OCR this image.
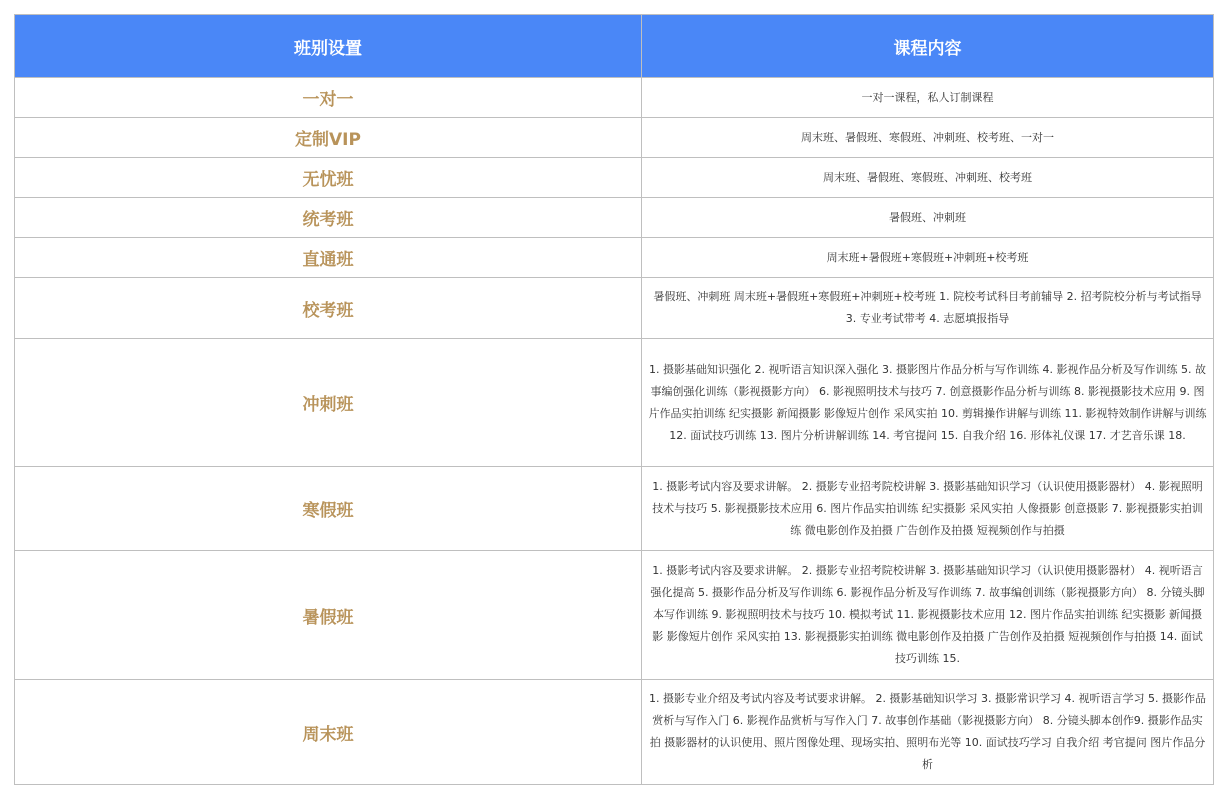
班别设置	课程内容
一对一	一对一课程，私人订制课程
定制VIP	周末班、暑假班、寒假班、冲刺班、校考班、一对一
无忧班	周末班、暑假班、寒假班、冲刺班、校考班
统考班	暑假班、冲刺班
直通班	周末班+暑假班+寒假班+冲刺班+校考班
校考班	暑假班、冲刺班 周末班+暑假班+寒假班+冲刺班+校考班 1. 院校考试科目考前辅导 2. 招考院校分析与考试指导 3. 专业考试带考 4. 志愿填报指导
冲刺班	1. 摄影基础知识强化 2. 视听语言知识深入强化 3. 摄影图片作品分析与写作训练 4. 影视作品分析及写作训练 5. 故事编创强化训练（影视摄影方向） 6. 影视照明技术与技巧 7. 创意摄影作品分析与训练 8. 影视摄影技术应用 9. 图片作品实拍训练 纪实摄影 新闻摄影 影像短片创作 采风实拍 10. 剪辑操作讲解与训练 11. 影视特效制作讲解与训练 12. 面试技巧训练 13. 图片分析讲解训练 14. 考官提问 15. 自我介绍 16. 形体礼仪课 17. 才艺音乐课 18.
寒假班	1. 摄影考试内容及要求讲解。 2. 摄影专业招考院校讲解 3. 摄影基础知识学习（认识使用摄影器材） 4. 影视照明技术与技巧 5. 影视摄影技术应用 6. 图片作品实拍训练 纪实摄影 采风实拍 人像摄影 创意摄影 7. 影视摄影实拍训练 微电影创作及拍摄 广告创作及拍摄 短视频创作与拍摄
暑假班	1. 摄影考试内容及要求讲解。 2. 摄影专业招考院校讲解 3. 摄影基础知识学习（认识使用摄影器材） 4. 视听语言强化提高 5. 摄影作品分析及写作训练 6. 影视作品分析及写作训练 7. 故事编创训练（影视摄影方向） 8. 分镜头脚本写作训练 9. 影视照明技术与技巧 10. 模拟考试 11. 影视摄影技术应用 12. 图片作品实拍训练 纪实摄影 新闻摄影 影像短片创作 采风实拍 13. 影视摄影实拍训练 微电影创作及拍摄 广告创作及拍摄 短视频创作与拍摄 14. 面试技巧训练 15.
周末班	1. 摄影专业介绍及考试内容及考试要求讲解。 2. 摄影基础知识学习 3. 摄影常识学习 4. 视听语言学习 5. 摄影作品赏析与写作入门 6. 影视作品赏析与写作入门 7. 故事创作基础（影视摄影方向） 8. 分镜头脚本创作9. 摄影作品实拍 摄影器材的认识使用、照片图像处理、现场实拍、照明布光等 10. 面试技巧学习 自我介绍 考官提问 图片作品分析
